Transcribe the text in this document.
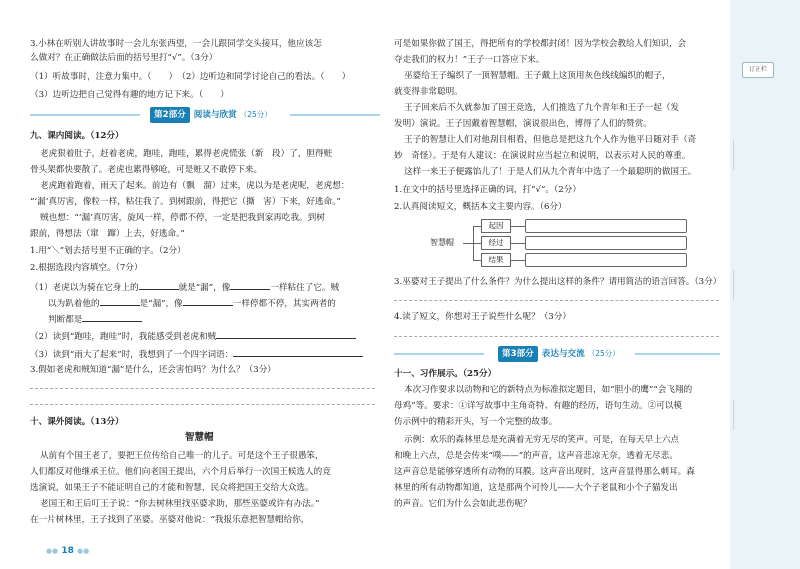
3.小林在听别人讲故事时一会儿东张西望，一会儿跟同学交头接耳，他应该怎
么做对？在正确做法后面的括号里打“√”。（3分）
（1）听故事时，注意力集中。（　　）　（2）边听边和同学讨论自己的看法。（　　）
（3）边听边把自己觉得有趣的地方记下来。（　　）
第2部分 阅读与欣赏 （25分）
九、课内阅读。（12分）
老虎狠着肚子，赶着老虎，跑哇，跑哇，累得老虎慌张（新　段）了，胆得赃
骨头架都快要散了。老虎也累得够呛，可是赃又不敢停下来。
老虎跑着跑着，雨天了起来。前边有（飘　溜）过来，虎以为是老虎呢，老虎想：
“‘漏’真厉害，像粒一样，粘住我了。到树跟前，得把它（撕　害）下来，好逃命。”
贼也想：“‘漏’真厉害，旋风一样，停都不停，一定是把我到家再吃我。到树
跟前，得想法（窜　蹿）上去，好逃命。”
1.用“＼”划去括号里不正确的字。（2分）
2.根据选段内容填空。（7分）
（1）老虎以为骑在它身上的	就是“漏”，像	一样粘住了它。贼
以为趴着他的	是“漏”，像	一样停都不停，其实两者的
判断都是
（2）读到“跑哇，跑哇”时，我能感受到老虎和贼
（3）读到“雨大了起来”时，我想到了一个四字词语：
3.假如老虎和贼知道“漏”是什么，还会害怕吗？为什么？（3分）
十、课外阅读。（13分）
智慧帽
从前有个国王老了，要把王位传给自己唯一的儿子。可是这个王子很愚笨，
人们都反对他继承王位。他们向老国王提出，六个月后举行一次国王候选人的竞
选演说，如果王子不能证明自己的才能和智慧，民众将把国王交给大众选。
老国王和王后叮王子说：“你去树林里找巫婆求助，那些巫婆或许有办法。”
在一片树林里，王子找到了巫婆。巫婆对他说：“我报乐意把智慧帽给你，
●● 18 ●●
可是如果你做了国王，得把所有的学校都封闭！因为学校会教给人们知识，会
夺走我们的权力！”王子一口答应下来。
巫婆给王子编织了一顶智慧帽。王子戴上这顶用灰色线线编织的帽子，
就变得非常聪明。
王子回来后不久就参加了国王竞选，人们推选了九个青年和王子一起（发
发明）演说。王子因戴着智慧帽，演说很出色，博得了人们的赞赏。
王子的智慧让人们对他刮目相看，但他总是把这九个人作为他平日随对手（奇
妙　奇怪）。于是有人建议：在演说时应当起立和说明，以表示对人民的尊重。
这样一来王子便露馅儿了！于是人们从九个青年中选了一个最聪明的做国王。
1.在文中的括号里选择正确的词，打“√”。（2分）
2.认真阅读短文，概括本文主要内容。（6分）
智慧帽
起因
经过
结果
3.巫婆对王子提出了什么条件？为什么提出这样的条件？请用简洁的语言回答。（3分）
4.读了短文，你想对王子说些什么呢？（3分）
第3部分 表达与交流 （25分）
十一、习作展示。（25分）
本次习作要求以动物和它的新特点为标准拟定题目，如“胆小的鹰”“会飞翔的
母鸡”等。要求：①详写故事中主角奇特、有趣的经历，语句生动。②可以模
仿示例中的精彩开头，写一个完整的故事。
示例：欢乐的森林里总是充满着无穷无尽的笑声。可是，在每天早上六点
和晚上六点，总是会传来“噗——”的声音，这声音悲凉无奈，透着无尽悲。
这声音总是能够穿透所有动物的耳膜。这声音出现时，这声音显得那么刺耳。森
林里的所有动物都知道，这是那两个可怜儿——大个子老鼠和小个子猫发出
的声音。它们为什么会如此悲伤呢？
订正栏
